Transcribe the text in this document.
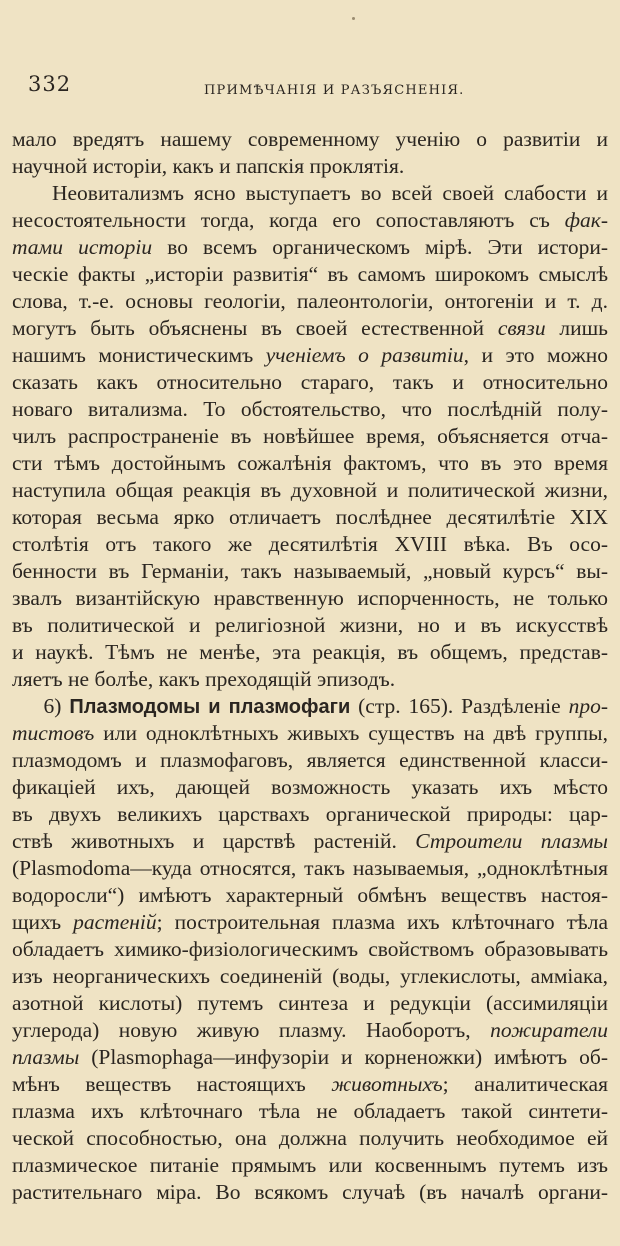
332	ПРИМѢЧАНІЯ И РАЗЪЯСНЕНІЯ.
мало вредятъ нашему современному ученію о развитіи и
научной исторіи, какъ и папскія проклятія.
Неовитализмъ ясно выступаетъ во всей своей слабости и
несостоятельности тогда, когда его сопоставляютъ съ фак-
тами исторіи во всемъ органическомъ мірѣ. Эти истори-
ческіе факты „исторіи развитія“ въ самомъ широкомъ смыслѣ
слова, т.-е. основы геологіи, палеонтологіи, онтогеніи и т. д.
могутъ быть объяснены въ своей естественной связи лишь
нашимъ монистическимъ ученіемъ о развитіи, и это можно
сказать какъ относительно стараго, такъ и относительно
новаго витализма. То обстоятельство, что послѣдній полу-
чилъ распространеніе въ новѣйшее время, объясняется отча-
сти тѣмъ достойнымъ сожалѣнія фактомъ, что въ это время
наступила общая реакція въ духовной и политической жизни,
которая весьма ярко отличаетъ послѣднее десятилѣтіе XIX
столѣтія отъ такого же десятилѣтія XVIII вѣка. Въ осо-
бенности въ Германіи, такъ называемый, „новый курсъ“ вы-
звалъ византійскую нравственную испорченность, не только
въ политической и религіозной жизни, но и въ искусствѣ
и наукѣ. Тѣмъ не менѣе, эта реакція, въ общемъ, представ-
ляетъ не болѣе, какъ преходящій эпизодъ.
6) Плазмодомы и плазмофаги (стр. 165). Раздѣленіе про-
тистовъ или одноклѣтныхъ живыхъ существъ на двѣ группы,
плазмодомъ и плазмофаговъ, является единственной класси-
фикаціей ихъ, дающей возможность указать ихъ мѣсто
въ двухъ великихъ царствахъ органической природы: цар-
ствѣ животныхъ и царствѣ растеній. Строители плазмы
(Plasmodoma—куда относятся, такъ называемыя, „одноклѣтныя
водоросли“) имѣютъ характерный обмѣнъ веществъ настоя-
щихъ растеній; построительная плазма ихъ клѣточнаго тѣла
обладаетъ химико-физіологическимъ свойствомъ образовывать
изъ неорганическихъ соединеній (воды, углекислоты, амміака,
азотной кислоты) путемъ синтеза и редукціи (ассимиляціи
углерода) новую живую плазму. Наоборотъ, пожиратели
плазмы (Plasmophaga—инфузоріи и корненожки) имѣютъ об-
мѣнъ веществъ настоящихъ животныхъ; аналитическая
плазма ихъ клѣточнаго тѣла не обладаетъ такой синтети-
ческой способностью, она должна получить необходимое ей
плазмическое питаніе прямымъ или косвеннымъ путемъ изъ
растительнаго міра. Во всякомъ случаѣ (въ началѣ органи-
